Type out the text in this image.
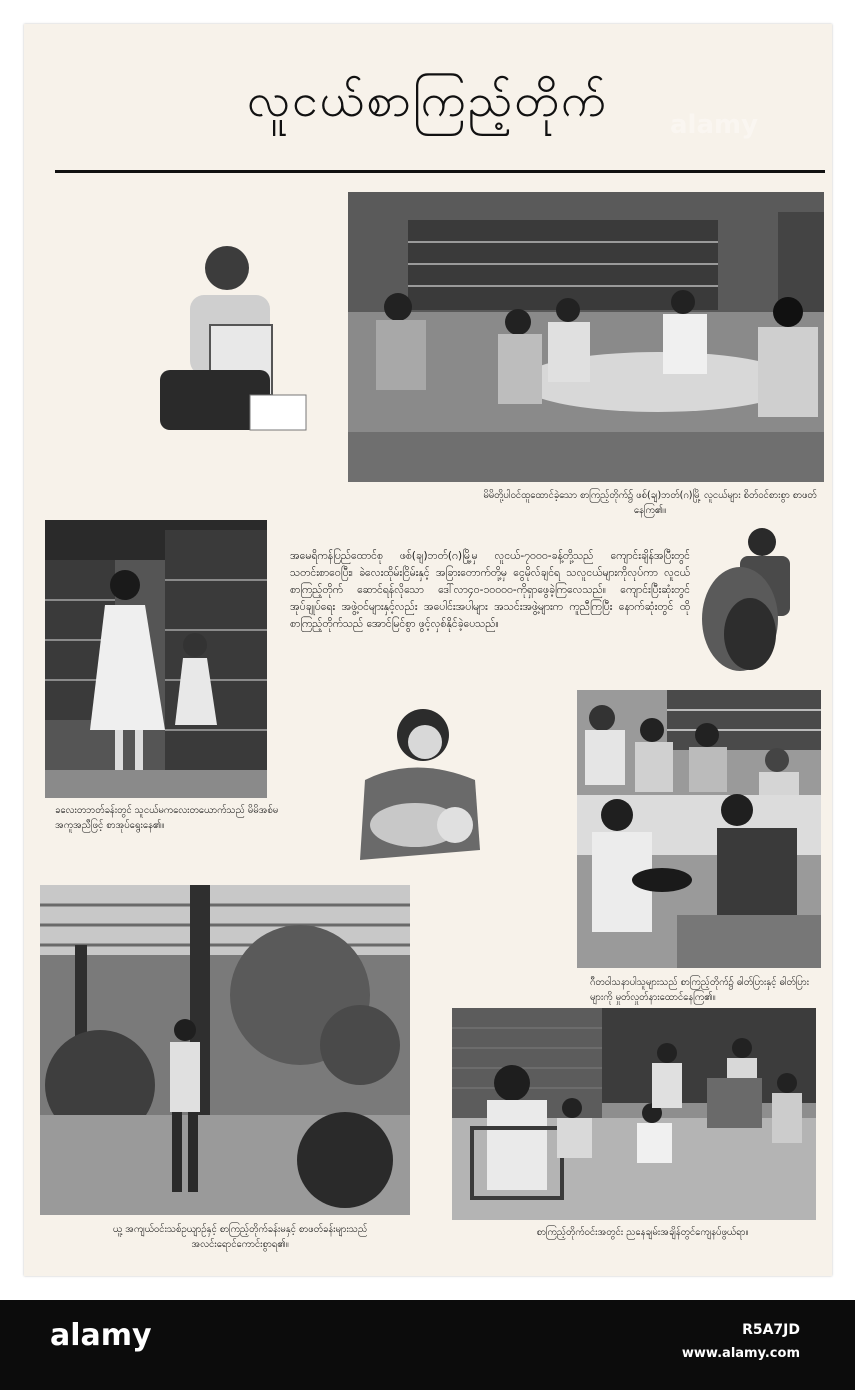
လူငယ်စာကြည့်တိုက်	alamy
မိမိတို့ပါဝင်ထူထောင်ခဲ့သော စာကြည့်တိုက်၌ ဖစ်(ချ)ဘတ်(ဂ)မြို့ လူငယ်များ စိတ်ဝင်စားစွာ စာဖတ်နေကြ၏။
ခလေးတဘတ်ခန်းတွင် သူငယ်မကလေးတယောက်သည် မိမိအစ်မအကူအညီဖြင့် စာအုပ်ရွေးနေ၏။
အမေရိကန်ပြည်ထောင်စု ဖစ်(ချ)ဘတ်(ဂ)မြို့မှ လူငယ်-၇၀၀၀-ခန့်တို့သည် ကျောင်းချိန်အပြီးတွင် သတင်းစာဝေပြီး၊ ခဲလေးထိုမ်းငြိမ်းနှင့် အခြားတောက်တို့မှ ငွေမိုလ်ချင်ရ သလူငယ်များကိုလုပ်ကာ လူငယ်စာကြည့်တိုက် ဆောင်ရန်လိုသော ဒေါ်လာ၄၀-၁၀၀၀၀-ကိုရှာဖွေခဲ့ကြလေသည်။ ကျောင်းပြီးဆုံးတွင် အုပ်ချုပ်ရေး အဖွဲ့ဝင်များနှင့်လည်း အပေါင်းအပါများ အသင်းအဖွဲ့များက ကူညီကြပြီး နောက်ဆုံးတွင် ထိုစာကြည့်တိုက်သည် အောင်မြင်စွာ ဖွင့်လှစ်နိုင်ခဲ့ပေသည်။
ဂီတဝါသနာပါသူများသည် စာကြည့်တိုက်၌ ဓါတ်ပြားနှင့် ဓါတ်ပြားများကို မှုတ်လှုတ်နားထောင်နေကြ၏။
ယူ့ အကျယ်ဝင်းသစ်ဥယျာဉ်နှင့် စာကြည့်တိုက်ခန်းမနှင့် စာဖတ်ခန်းများသည် အလင်းရောင်ကောင်းစွာရ၏။
စာကြည့်တိုက်ဝင်းအတွင်း ညနေချမ်းအချိန်တွင်ကျေနပ်ဖွယ်ရာ။
alamy	R5A7JD
www.alamy.com
